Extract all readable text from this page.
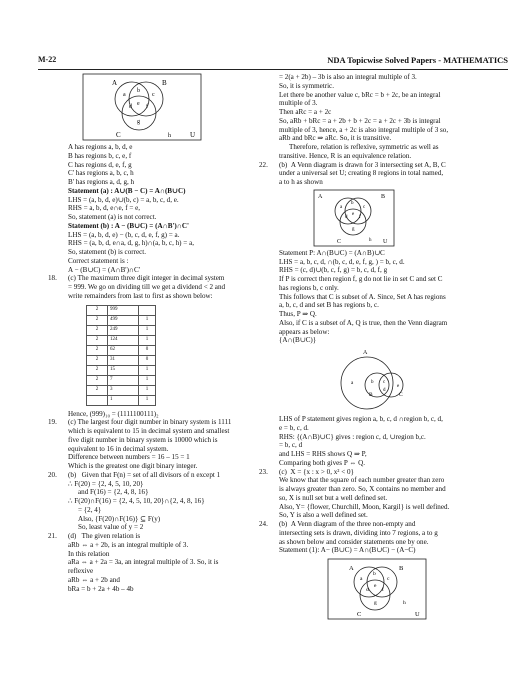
M-22	NDA Topicwise Solved Papers - MATHEMATICS
A	B
C	U
a
b
c
d e f
g
h
A has regions a, b, d, e
B has regions b, c, e, f
C has regions d, e, f, g
C' has regions a, b, c, h
B' has regions a, d, g, h
Statement (a) : A∪(B − C) = A∩(B∪C)
LHS = (a, b, d, e)∪(b, c) = a, b, c, d, e.
RHS = a, b, d, e∩e, f = e,
So, statement (a) is not correct.
Statement (b) : A − (B∪C) = (A∩B')∩C'
LHS = (a, b, d, e) − (b, c, d, e, f, g) = a.
RHS = (a, b, d, e∩a, d, g, h)∩(a, b, c, h) = a,
So, statement (b) is correct.
Correct statement is :
A − (B∪C) = (A∩B')∩C'
18. (c) The maximum three digit integer in decimal system
= 999. We go on dividing till we get a dividend < 2 and
write remainders from last to first as shown below:
2	999	
2	499	1
2	249	1
2	124	1
2	62	0
2	31	0
2	15	1
2	7	1
2	3	1
	1	1
Hence, (999)₁₀ = (1111100111)₂
19. (c) The largest four digit number in binary system is 1111
which is equivalent to 15 in decimal system and smallest
five digit number in binary system is 10000 which is
equivalent to 16 in decimal system.
Difference between numbers = 16 – 15 = 1
Which is the greatest one digit binary integer.
20. (b) Given that F(n) = set of all divisors of n except 1
∴ F(20) = {2, 4, 5, 10, 20}
and F(16) = {2, 4, 8, 16}
∴ F(20)∩F(16) = {2, 4, 5, 10, 20}∩{2, 4, 8, 16}
= {2, 4}
Also, {F(20)∩F(16)} ⊆ F(y)
So, least value of y = 2
21. (d) The given relation is
aRb ⇔ a + 2b, is an integral multiple of 3.
In this relation
aRa ⇔ a + 2a = 3a, an integral multiple of 3. So, it is
reflexive
aRb ⇔ a + 2b and
bRa = b + 2a + 4b – 4b
= 2(a + 2b) – 3b is also an integral multiple of 3.
So, it is symmetric.
Let there be another value c, bRc = b + 2c, be an integral
multiple of 3.
Then aRc = a + 2c
So, aRb + bRc = a + 2b + b + 2c = a + 2c + 3b is integral
multiple of 3, hence, a + 2c is also integral multiple of 3 so,
aRb and bRc ⇒ aRc. So, it is transitive.
Therefore, relation is reflexive, symmetric as well as
transitive. Hence, R is an equivalence relation.
22. (b) A Venn diagram is drawn for 3 intersecting set A, B, C
under a universal set U; creating 8 regions in total named,
a to h as shown
A	B
C	U
a
b
c
d
e
f
g
h
Statement P: A∩(B∪C) = (A∩B)∪C
LHS = a, b, c, d, ∩(b, c, d, e, f, g, ) = b, c, d.
RHS = (c, d)∪(b, c, f, g) = b, c, d, f, g
If P is correct then region f, g do not lie in set C and set C
has regions b, c only.
This follows that C is subset of A. Since, Set A has regions
a, b, c, d and set B has regions b, c.
Thus, P ⇒ Q.
Also, if C is a subset of A, Q is true, then the Venn diagram
appears as below:
{A∩(B∪C)}
A
B	C
a	b c
d
e
LHS of P statement gives region a, b, c, d ∩region b, c, d,
e = b, c, d.
RHS: {(A∩B)∪C} gives : region c, d, ∪region b,c.
= b, c, d
and LHS = RHS shows Q ⇒ P,
Comparing both gives P ⇔ Q.
23. (c) X = {x : x > 0, x² < 0}
We know that the square of each number greater than zero
is always greater than zero. So, X contains no member and
so, X is null set but a well defined set.
Also, Y= {flower, Churchill, Moon, Kargil} is well defined.
So, Y is also a well defined set.
24. (b) A Venn diagram of the three non-empty and
intersecting sets is drawn, dividing into 7 regions, a to g
as shown below and consider statements one by one.
Statement (1): A− (B∪C) = A∩(B∪C) − (A−C)
A	B
C	U
a
b
c
d
e
f
g	h
